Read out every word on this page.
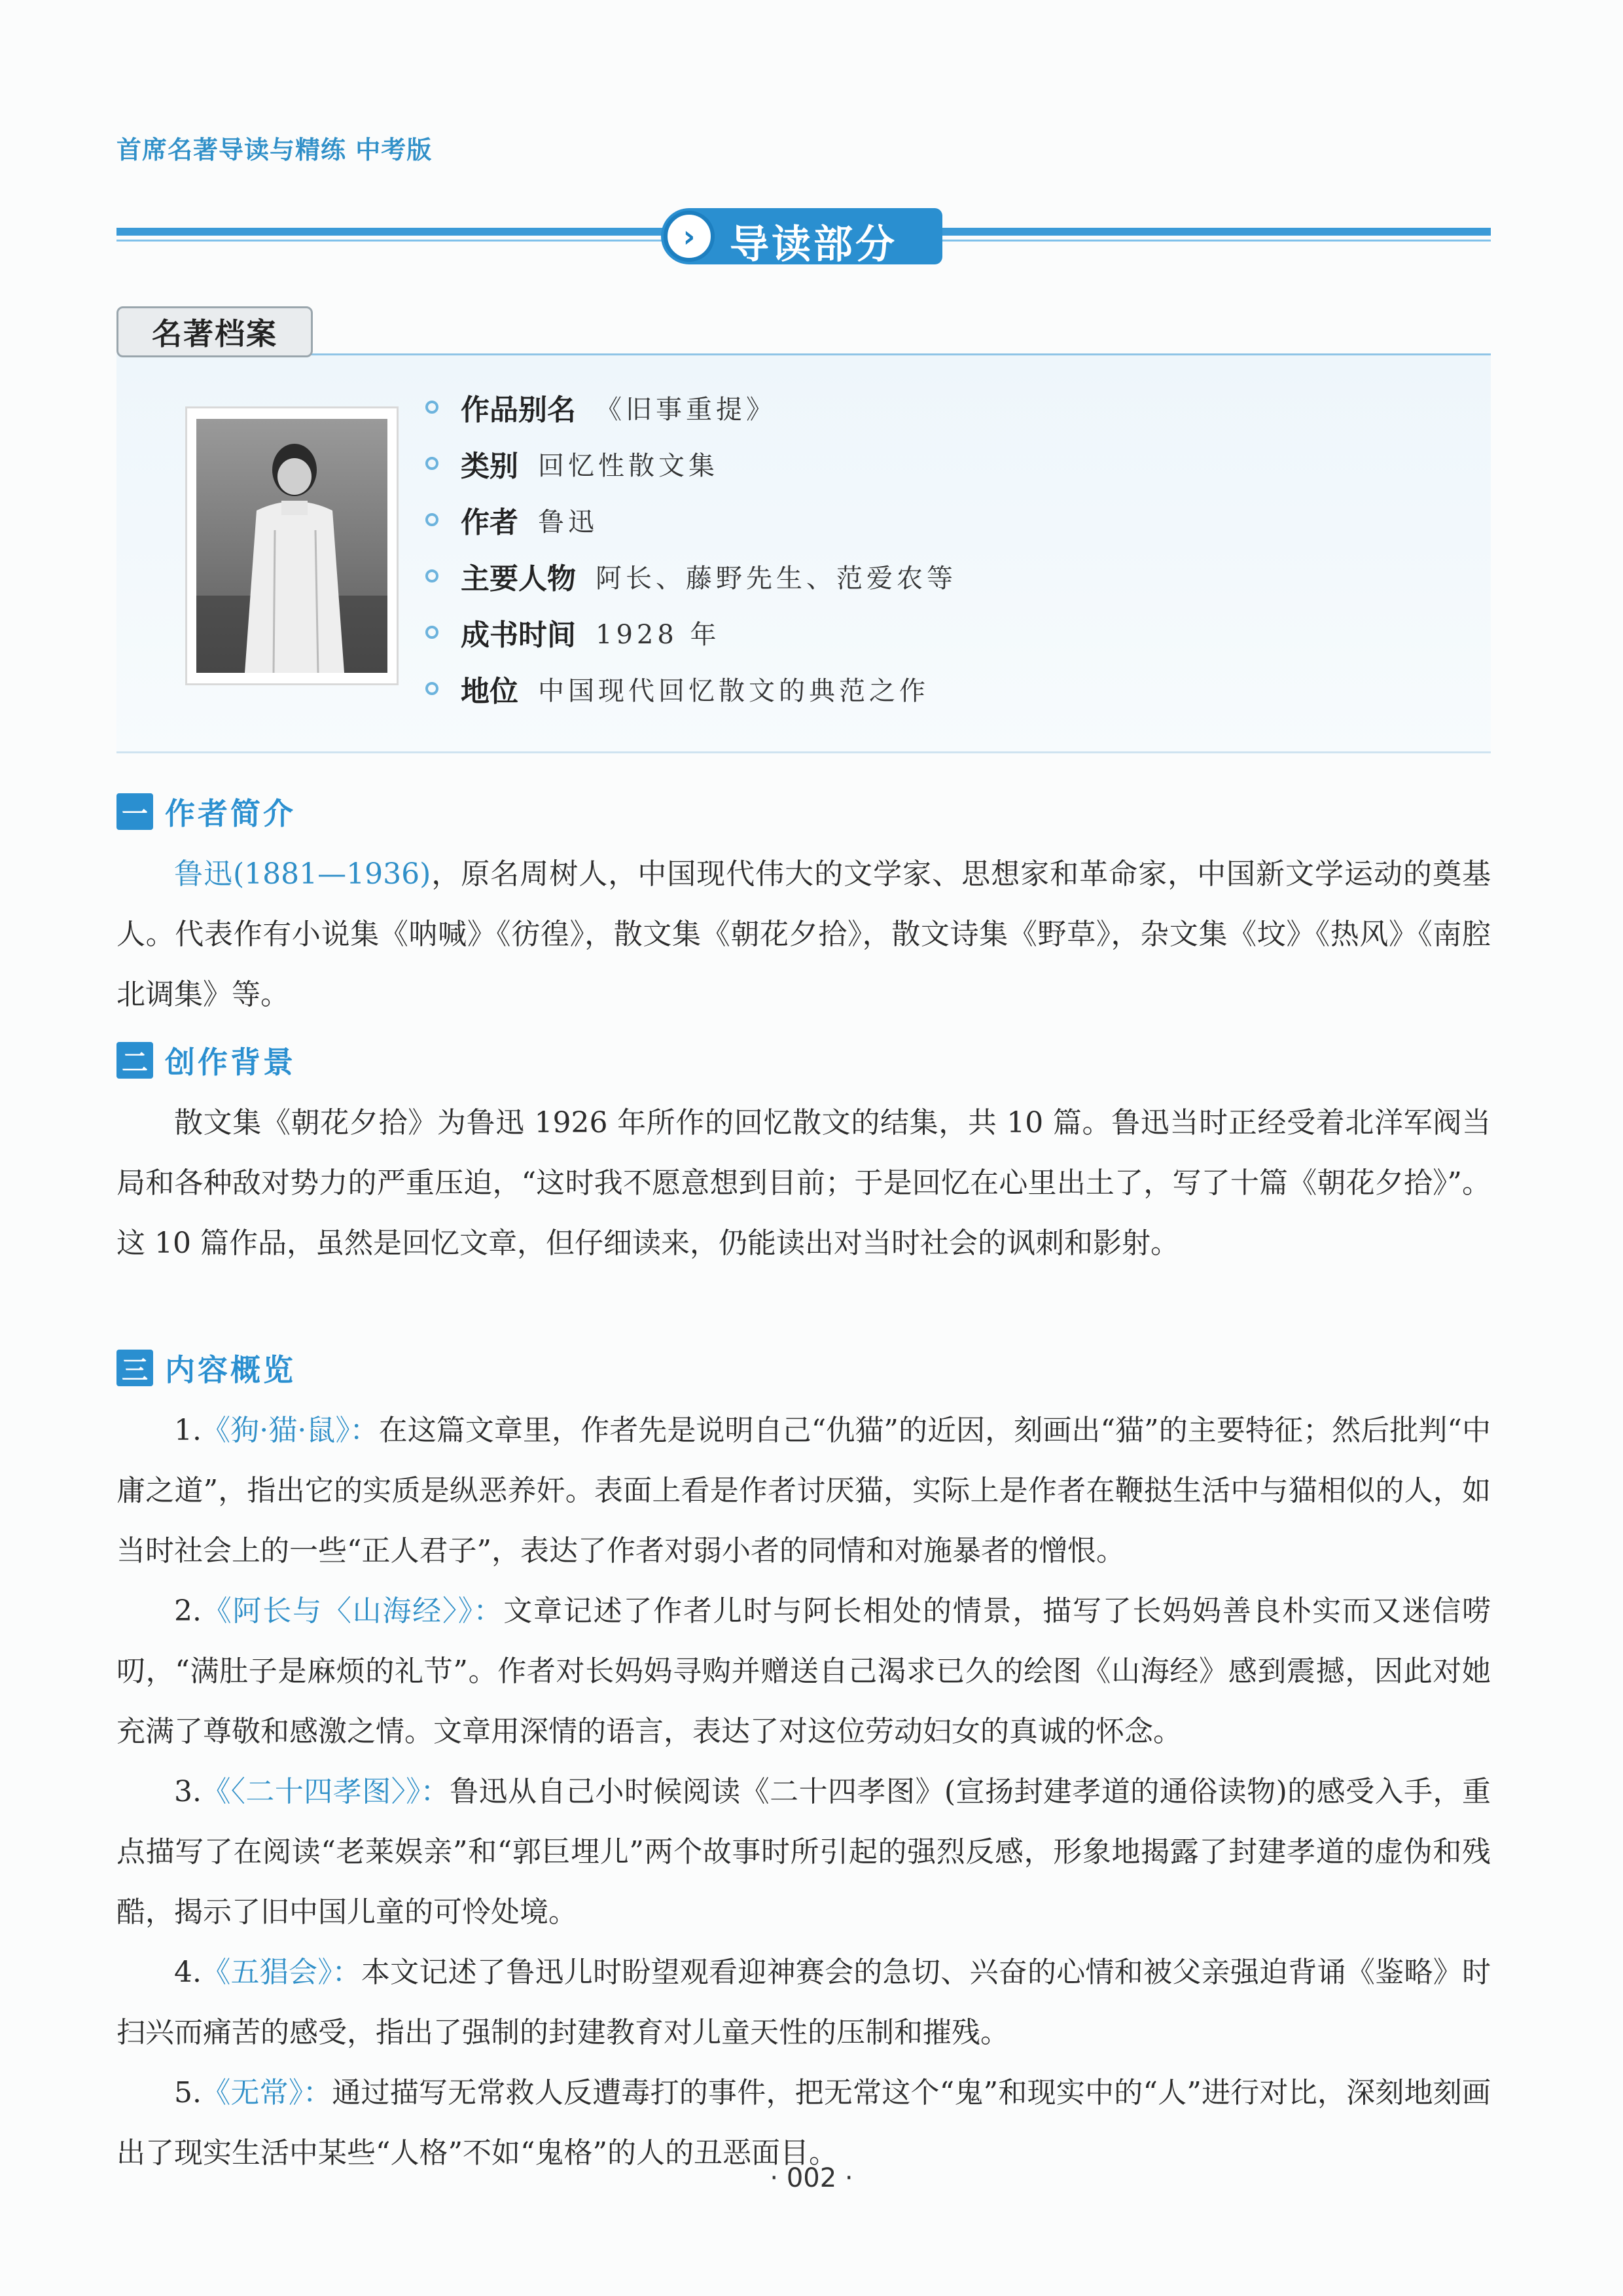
首席名著导读与精练 中考版
› 导读部分
名著档案
作品别名 《旧事重提》
类别 回忆性散文集
作者 鲁迅
主要人物 阿长、藤野先生、范爱农等
成书时间 1928 年
地位 中国现代回忆散文的典范之作
一 作者简介
鲁迅(1881—1936)，原名周树人，中国现代伟大的文学家、思想家和革命家，中国新文学运动的奠基人。代表作有小说集《呐喊》《彷徨》，散文集《朝花夕拾》，散文诗集《野草》，杂文集《坟》《热风》《南腔北调集》等。
二 创作背景
散文集《朝花夕拾》为鲁迅 1926 年所作的回忆散文的结集，共 10 篇。鲁迅当时正经受着北洋军阀当局和各种敌对势力的严重压迫，“这时我不愿意想到目前；于是回忆在心里出土了，写了十篇《朝花夕拾》”。这 10 篇作品，虽然是回忆文章，但仔细读来，仍能读出对当时社会的讽刺和影射。
三 内容概览
1.《狗·猫·鼠》：在这篇文章里，作者先是说明自己“仇猫”的近因，刻画出“猫”的主要特征；然后批判“中庸之道”，指出它的实质是纵恶养奸。表面上看是作者讨厌猫，实际上是作者在鞭挞生活中与猫相似的人，如当时社会上的一些“正人君子”，表达了作者对弱小者的同情和对施暴者的憎恨。
2.《阿长与〈山海经〉》：文章记述了作者儿时与阿长相处的情景，描写了长妈妈善良朴实而又迷信唠叨，“满肚子是麻烦的礼节”。作者对长妈妈寻购并赠送自己渴求已久的绘图《山海经》感到震撼，因此对她充满了尊敬和感激之情。文章用深情的语言，表达了对这位劳动妇女的真诚的怀念。
3.《〈二十四孝图〉》：鲁迅从自己小时候阅读《二十四孝图》(宣扬封建孝道的通俗读物)的感受入手，重点描写了在阅读“老莱娱亲”和“郭巨埋儿”两个故事时所引起的强烈反感，形象地揭露了封建孝道的虚伪和残酷，揭示了旧中国儿童的可怜处境。
4.《五猖会》：本文记述了鲁迅儿时盼望观看迎神赛会的急切、兴奋的心情和被父亲强迫背诵《鉴略》时扫兴而痛苦的感受，指出了强制的封建教育对儿童天性的压制和摧残。
5.《无常》：通过描写无常救人反遭毒打的事件，把无常这个“鬼”和现实中的“人”进行对比，深刻地刻画出了现实生活中某些“人格”不如“鬼格”的人的丑恶面目。
· 002 ·
